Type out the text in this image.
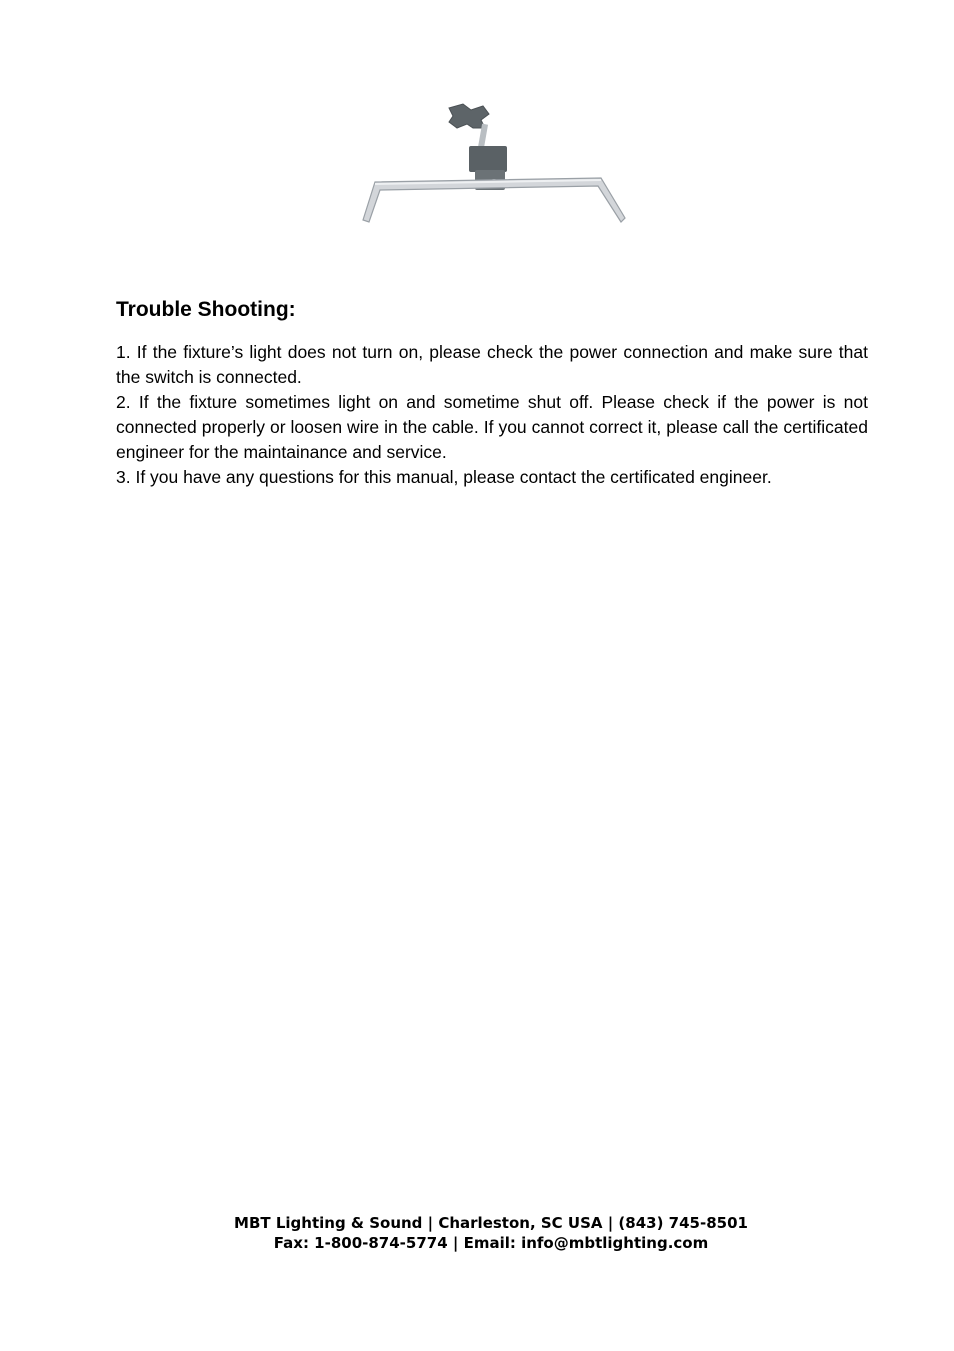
Trouble Shooting:

1. If the fixture’s light does not turn on, please check the power connection and make sure that the switch is connected.

2. If the fixture sometimes light on and sometime shut off. Please check if the power is not connected properly or loosen wire in the cable. If you cannot correct it, please call the certificated engineer for the maintainance and service.

3. If you have any questions for this manual, please contact the certificated engineer.

MBT Lighting & Sound | Charleston, SC USA | (843) 745-8501
Fax: 1-800-874-5774 | Email: info@mbtlighting.com
